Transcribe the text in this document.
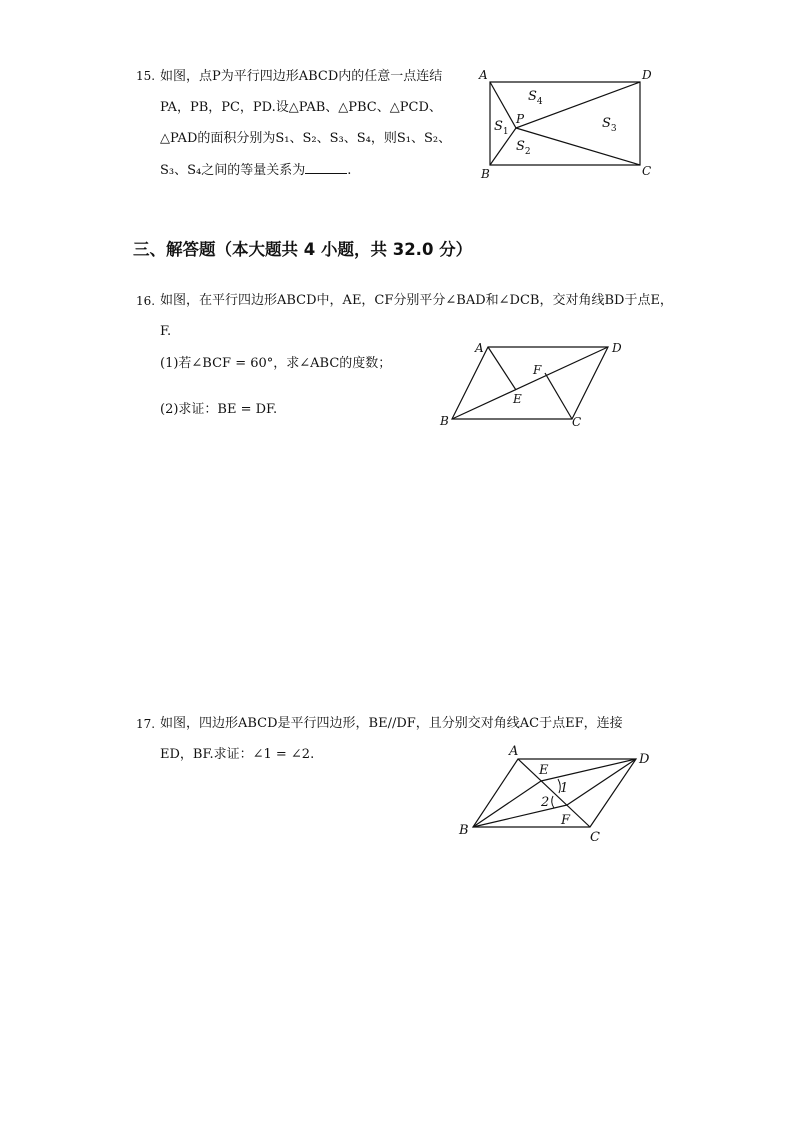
15. 如图，点P为平行四边形ABCD内的任意一点连结
PA，PB，PC，PD.设△PAB、△PBC、△PCD、
△PAD的面积分别为S₁、S₂、S₃、S₄，则S₁、S₂、
S₃、S₄之间的等量关系为	.
A	D
B	C
P
$S_4$
$S_1$
$S_2$
$S_3$
三、解答题（本大题共 4 小题，共 32.0 分）
16. 如图，在平行四边形ABCD中，AE，CF分别平分∠BAD和∠DCB，交对角线BD于点E，
F.
(1)若∠BCF = 60°，求∠ABC的度数；
(2)求证：BE = DF.
A	D
B	C
F
E
17. 如图，四边形ABCD是平行四边形，BE//DF，且分别交对角线AC于点EF，连接
ED，BF.求证：∠1 = ∠2.	A
D
B	C
E
F
1
2
